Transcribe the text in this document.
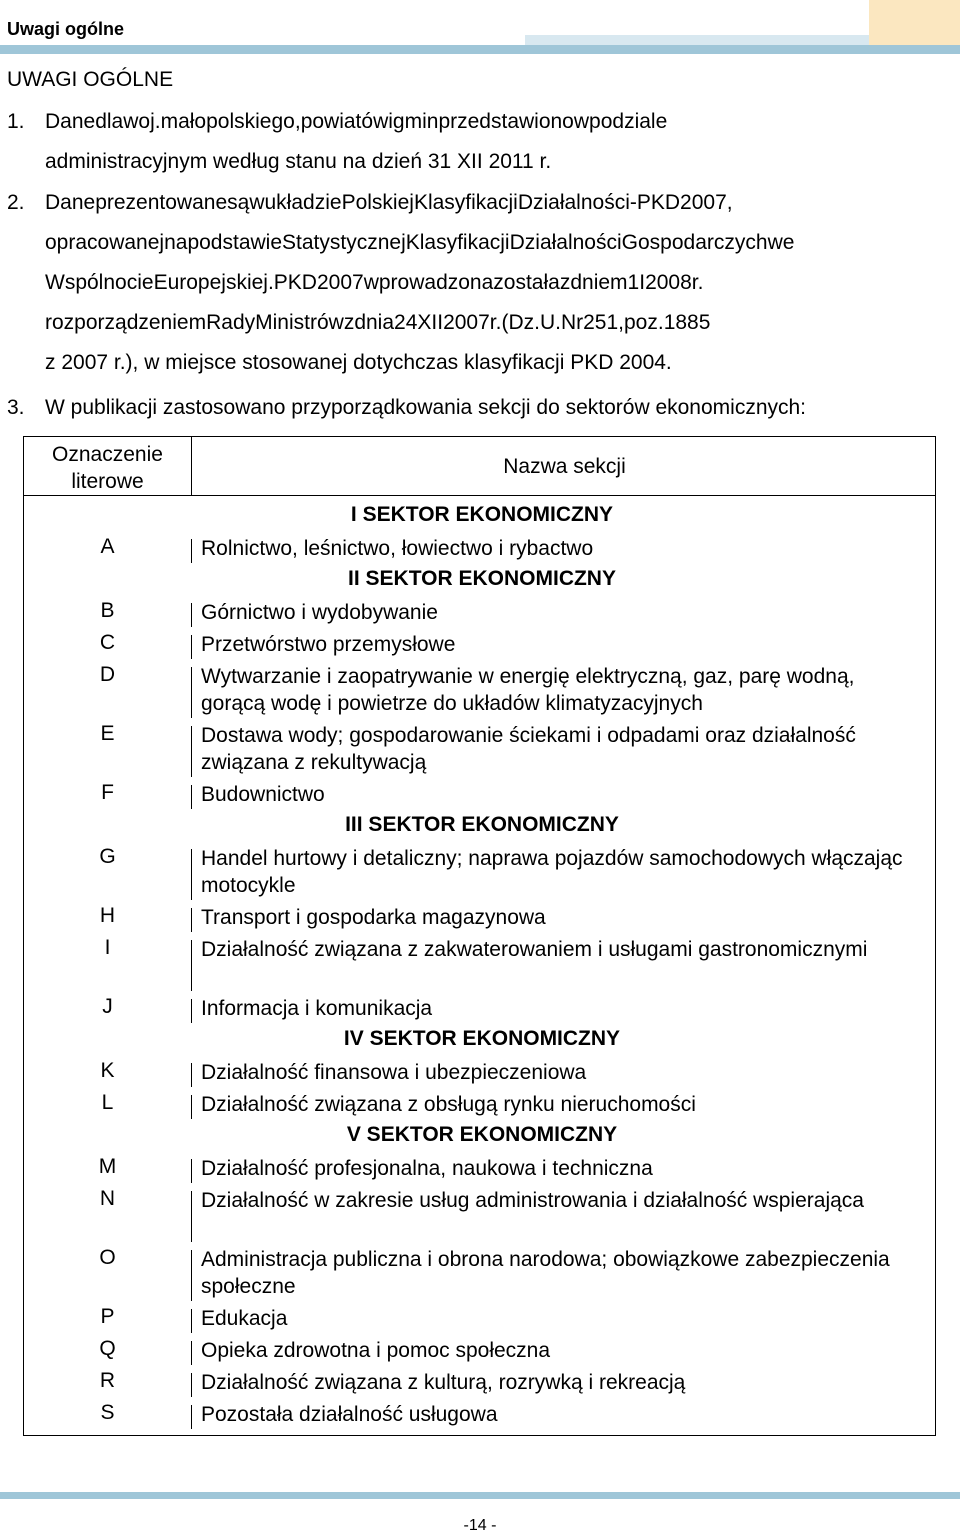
Uwagi ogólne
UWAGI OGÓLNE
1. Danedlawoj.małopolskiego,powiatówigminprzedstawionowpodziale
administracyjnym według stanu na dzień 31 XII 2011 r.
2. DaneprezentowanesąwukładziePolskiejKlasyfikacjiDziałalności-PKD2007,
opracowanejnapodstawieStatystycznejKlasyfikacjiDziałalnościGospodarczychwe
WspólnocieEuropejskiej.PKD2007wprowadzonazostałazdniem1I2008r.
rozporządzeniemRadyMinistrówzdnia24XII2007r.(Dz.U.Nr251,poz.1885
z 2007 r.), w miejsce stosowanej dotychczas klasyfikacji PKD 2004.
3. W publikacji zastosowano przyporządkowania sekcji do sektorów ekonomicznych:
Oznaczenie
literowe
Nazwa sekcji
I SEKTOR EKONOMICZNY
A	Rolnictwo, leśnictwo, łowiectwo i rybactwo
II SEKTOR EKONOMICZNY
B	Górnictwo i wydobywanie
C	Przetwórstwo przemysłowe
D	Wytwarzanie i zaopatrywanie w energię elektryczną, gaz, parę wodną, gorącą wodę i powietrze do układów klimatyzacyjnych
E	Dostawa wody; gospodarowanie ściekami i odpadami oraz działalność związana z rekultywacją
F	Budownictwo
III SEKTOR EKONOMICZNY
G	Handel hurtowy i detaliczny; naprawa pojazdów samochodowych włączając motocykle
H	Transport i gospodarka magazynowa
I	Działalność związana z zakwaterowaniem i usługami gastronomicznymi
J	Informacja i komunikacja
IV SEKTOR EKONOMICZNY
K	Działalność finansowa i ubezpieczeniowa
L	Działalność związana z obsługą rynku nieruchomości
V SEKTOR EKONOMICZNY
M	Działalność profesjonalna, naukowa i techniczna
N	Działalność w zakresie usług administrowania i działalność wspierająca
O	Administracja publiczna i obrona narodowa; obowiązkowe zabezpieczenia społeczne
P	Edukacja
Q	Opieka zdrowotna i pomoc społeczna
R	Działalność związana z kulturą, rozrywką i rekreacją
S	Pozostała działalność usługowa
-14 -
